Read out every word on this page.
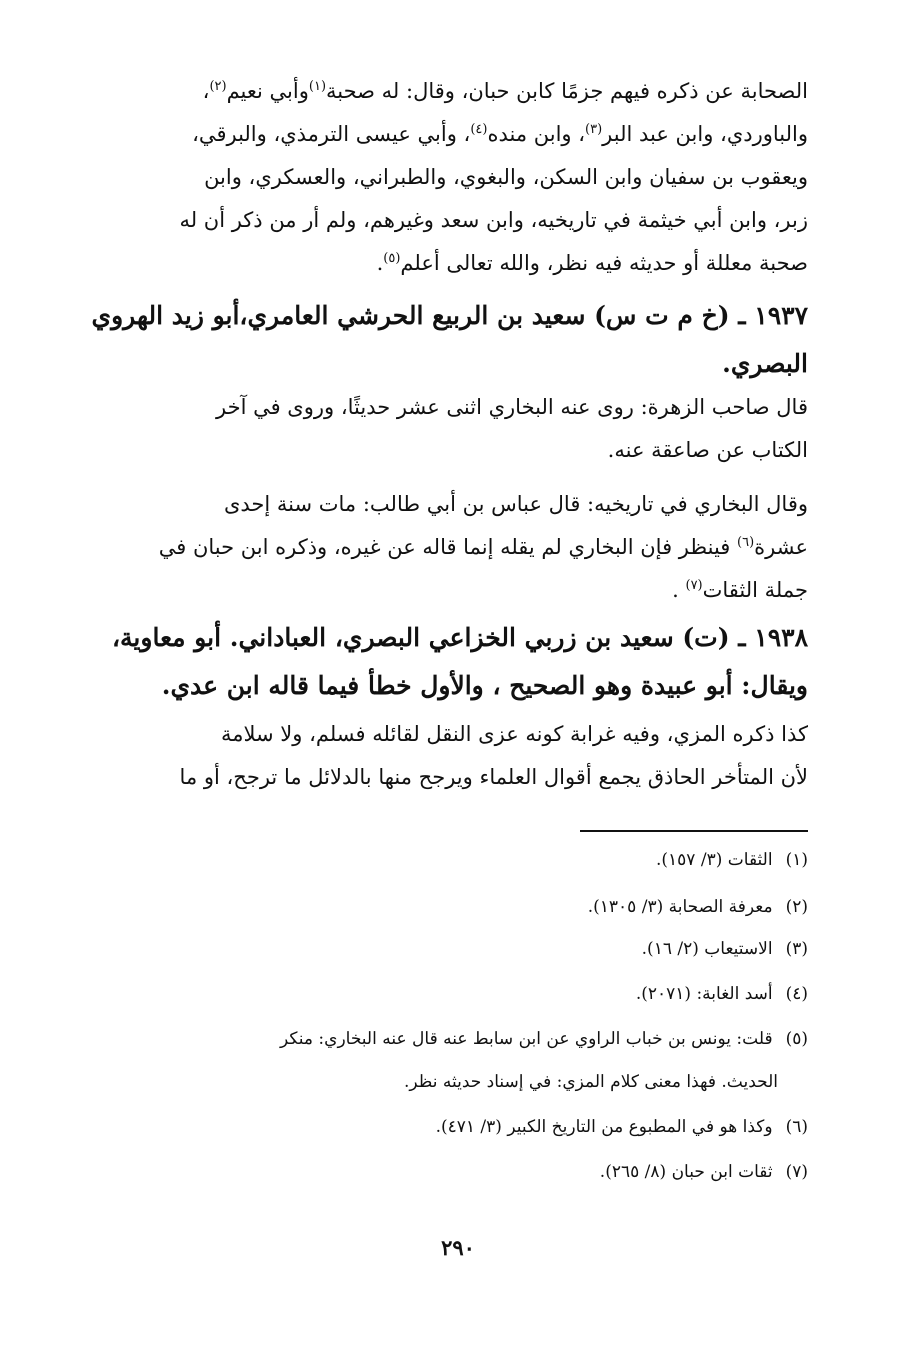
الصحابة عن ذكره فيهم جزمًا كابن حبان، وقال: له صحبة$^{(١)}$وأبي نعيم$^{(٢)}$،
والباوردي، وابن عبد البر$^{(٣)}$، وابن منده$^{(٤)}$، وأبي عيسى الترمذي، والبرقي،
ويعقوب بن سفيان وابن السكن، والبغوي، والطبراني، والعسكري، وابن
زبر، وابن أبي خيثمة في تاريخيه، وابن سعد وغيرهم، ولم أر من ذكر أن له
صحبة معللة أو حديثه فيه نظر، والله تعالى أعلم$^{(٥)}$.
١٩٣٧ ـ (خ م ت س) سعيد بن الربيع الحرشي العامري،أبو زيد الهروي
البصري.
قال صاحب الزهرة: روى عنه البخاري اثنى عشر حديثًا، وروى في آخر
الكتاب عن صاعقة عنه.
وقال البخاري في تاريخيه: قال عباس بن أبي طالب: مات سنة إحدى
عشرة$^{(٦)}$ فينظر فإن البخاري لم يقله إنما قاله عن غيره، وذكره ابن حبان في
جملة الثقات$^{(٧)}$ .
١٩٣٨ ـ (ت) سعيد بن زربي الخزاعي البصري، العباداني. أبو معاوية،
ويقال: أبو عبيدة وهو الصحيح ، والأول خطأ فيما قاله ابن عدي.
كذا ذكره المزي، وفيه غرابة كونه عزى النقل لقائله فسلم، ولا سلامة
لأن المتأخر الحاذق يجمع أقوال العلماء ويرجح منها بالدلائل ما ترجح، أو ما
(١) الثقات (٣/ ١٥٧).
(٢) معرفة الصحابة (٣/ ١٣٠٥).
(٣) الاستيعاب (٢/ ١٦).
(٤) أسد الغابة: (٢٠٧١).
(٥) قلت: يونس بن خباب الراوي عن ابن سابط عنه قال عنه البخاري: منكر
الحديث. فهذا معنى كلام المزي: في إسناد حديثه نظر.
(٦) وكذا هو في المطبوع من التاريخ الكبير (٣/ ٤٧١).
(٧) ثقات ابن حبان (٨/ ٢٦٥).
٢٩٠
